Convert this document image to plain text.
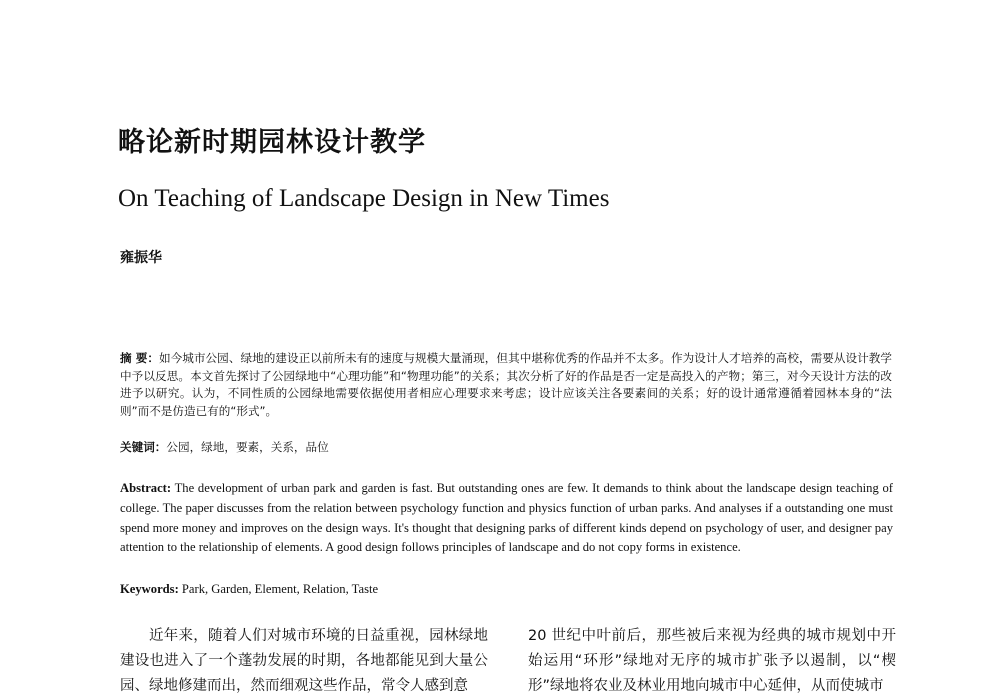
略论新时期园林设计教学
On Teaching of Landscape Design in New Times
雍振华
摘 要：如今城市公园、绿地的建设正以前所未有的速度与规模大量涌现，但其中堪称优秀的作品并不太多。作为设计人才培养的高校，需要从设计教学中予以反思。本文首先探讨了公园绿地中“心理功能”和“物理功能”的关系；其次分析了好的作品是否一定是高投入的产物；第三，对今天设计方法的改进予以研究。认为，不同性质的公园绿地需要依据使用者相应心理要求来考虑；设计应该关注各要素间的关系；好的设计通常遵循着园林本身的“法则”而不是仿造已有的“形式”。
关键词：公园，绿地，要素，关系，品位
Abstract: The development of urban park and garden is fast. But outstanding ones are few. It demands to think about the landscape design teaching of college. The paper discusses from the relation between psychology function and physics function of urban parks. And analyses if a outstanding one must spend more money and improves on the design ways. It's thought that designing parks of different kinds depend on psychology of user, and designer pay attention to the relationship of elements. A good design follows principles of landscape and do not copy forms in existence.
Keywords: Park, Garden, Element, Relation, Taste
近年来，随着人们对城市环境的日益重视，园林绿地建设也进入了一个蓬勃发展的时期，各地都能见到大量公园、绿地修建而出，然而细观这些作品，常令人感到意
20 世纪中叶前后，那些被后来视为经典的城市规划中开始运用“环形”绿地对无序的城市扩张予以遏制，以“楔形”绿地将农业及林业用地向城市中心延伸，从而使城市
